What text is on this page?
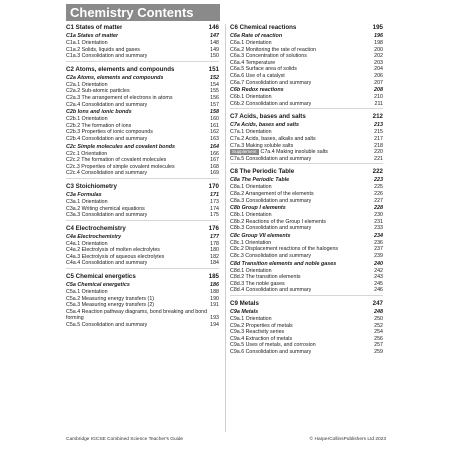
Chemistry Contents
C1 States of matter	146
C1a States of matter	147
C1a.1 Orientation	148
C1a.2 Solids, liquids and gases	149
C1a.3 Consolidation and summary	150
C2 Atoms, elements and compounds	151
C2a Atoms, elements and compounds	152
C2a.1 Orientation	154
C2a.2 Sub-atomic particles	155
C2a.3 The arrangement of electrons in atoms	156
C2a.4 Consolidation and summary	157
C2b Ions and ionic bonds	158
C2b.1 Orientation	160
C2b.2 The formation of ions	161
C2b.3 Properties of ionic compounds	162
C2b.4 Consolidation and summary	163
C2c Simple molecules and covalent bonds	164
C2c.1 Orientation	166
C2c.2 The formation of covalent molecules	167
C2c.3 Properties of simple covalent molecules	168
C2c.4 Consolidation and summary	169
C3 Stoichiometry	170
C3a Formulas	171
C3a.1 Orientation	173
C3a.2 Writing chemical equations	174
C3a.3 Consolidation and summary	175
C4 Electrochemistry	176
C4a Electrochemistry	177
C4a.1 Orientation	178
C4a.2 Electrolysis of molten electrolytes	180
C4a.3 Electrolysis of aqueous electrolytes	182
C4a.4 Consolidation and summary	184
C5 Chemical energetics	185
C5a Chemical energetics	186
C5a.1 Orientation	188
C5a.2 Measuring energy transfers (1)	190
C5a.3 Measuring energy transfers (2)	191
C5a.4 Reaction pathway diagrams, bond breaking and bond forming	193
C5a.5 Consolidation and summary	194
C6 Chemical reactions	195
C6a Rate of reaction	196
C6a.1 Orientation	198
C6a.2 Monitoring the rate of reaction	200
C6a.3 Concentration of solutions	202
C6a.4 Temperature	203
C6a.5 Surface area of solids	204
C6a.6 Use of a catalyst	206
C6a.7 Consolidation and summary	207
C6b Redox reactions	208
C6b.1 Orientation	210
C6b.2 Consolidation and summary	211
C7 Acids, bases and salts	212
C7a Acids, bases and salts	213
C7a.1 Orientation	215
C7a.2 Acids, bases, alkalis and salts	217
C7a.3 Making soluble salts	218
Supplement C7a.4 Making insoluble salts	220
C7a.5 Consolidation and summary	221
C8 The Periodic Table	222
C8a The Periodic Table	223
C8a.1 Orientation	225
C8a.2 Arrangement of the elements	226
C8a.3 Consolidation and summary	227
C8b Group I elements	228
C8b.1 Orientation	230
C8b.2 Reactions of the Group I elements	231
C8b.3 Consolidation and summary	233
C8c Group VII elements	234
C8c.1 Orientation	236
C8c.2 Displacement reactions of the halogens	237
C8c.3 Consolidation and summary	239
C8d Transition elements and noble gases	240
C8d.1 Orientation	242
C8d.2 The transition elements	243
C8d.3 The noble gases	245
C8d.4 Consolidation and summary	246
C9 Metals	247
C9a Metals	248
C9a.1 Orientation	250
C9a.2 Properties of metals	252
C9a.3 Reactivity series	254
C9a.4 Extraction of metals	256
C9a.5 Uses of metals, and corrosion	257
C9a.6 Consolidation and summary	259
Cambridge IGCSE Combined Science Teacher's Guide	© HarperCollinsPublishers Ltd 2023
